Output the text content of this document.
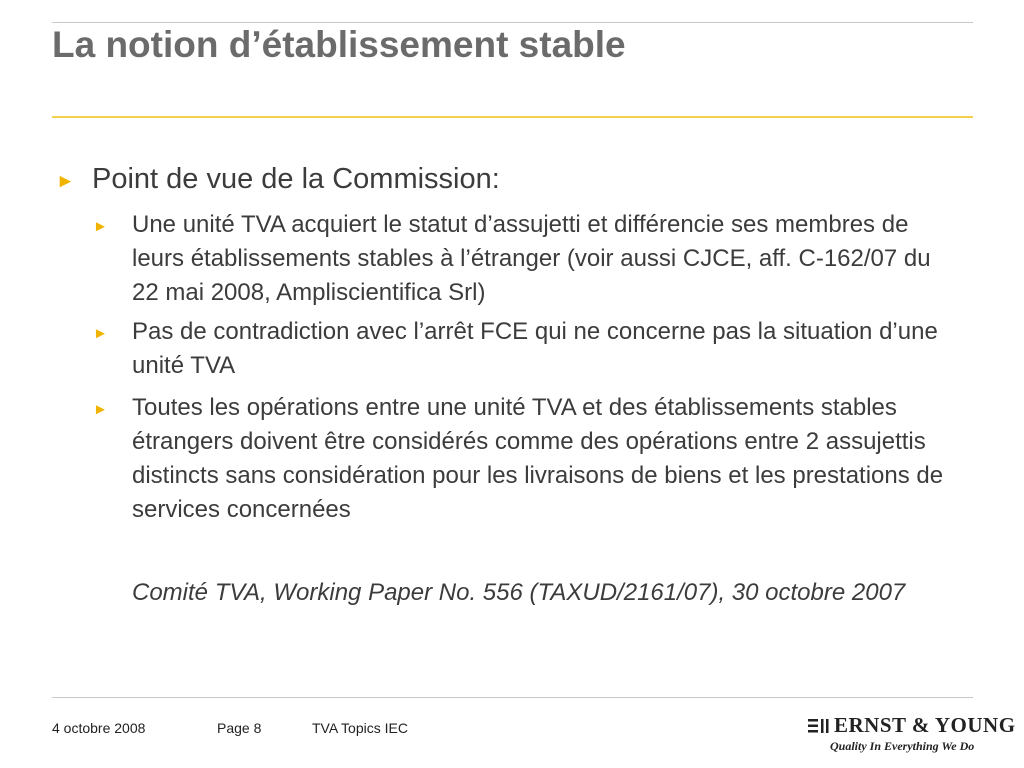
La notion d’établissement stable
► Point de vue de la Commission:
► Une unité TVA acquiert le statut d’assujetti et différencie ses membres de leurs établissements stables à l’étranger (voir aussi CJCE, aff. C-162/07 du 22 mai 2008, Ampliscientifica Srl)

► Pas de contradiction avec l’arrêt FCE qui ne concerne pas la situation d’une unité TVA

► Toutes les opérations entre une unité TVA et des établissements stables étrangers doivent être considérés comme des opérations entre 2 assujettis distincts sans considération pour les livraisons de biens et les prestations de services concernées

Comité TVA, Working Paper No. 556 (TAXUD/2161/07), 30 octobre 2007

4 octobre 2008	Page 8	TVA Topics IEC	ERNST & YOUNG
Quality In Everything We Do
